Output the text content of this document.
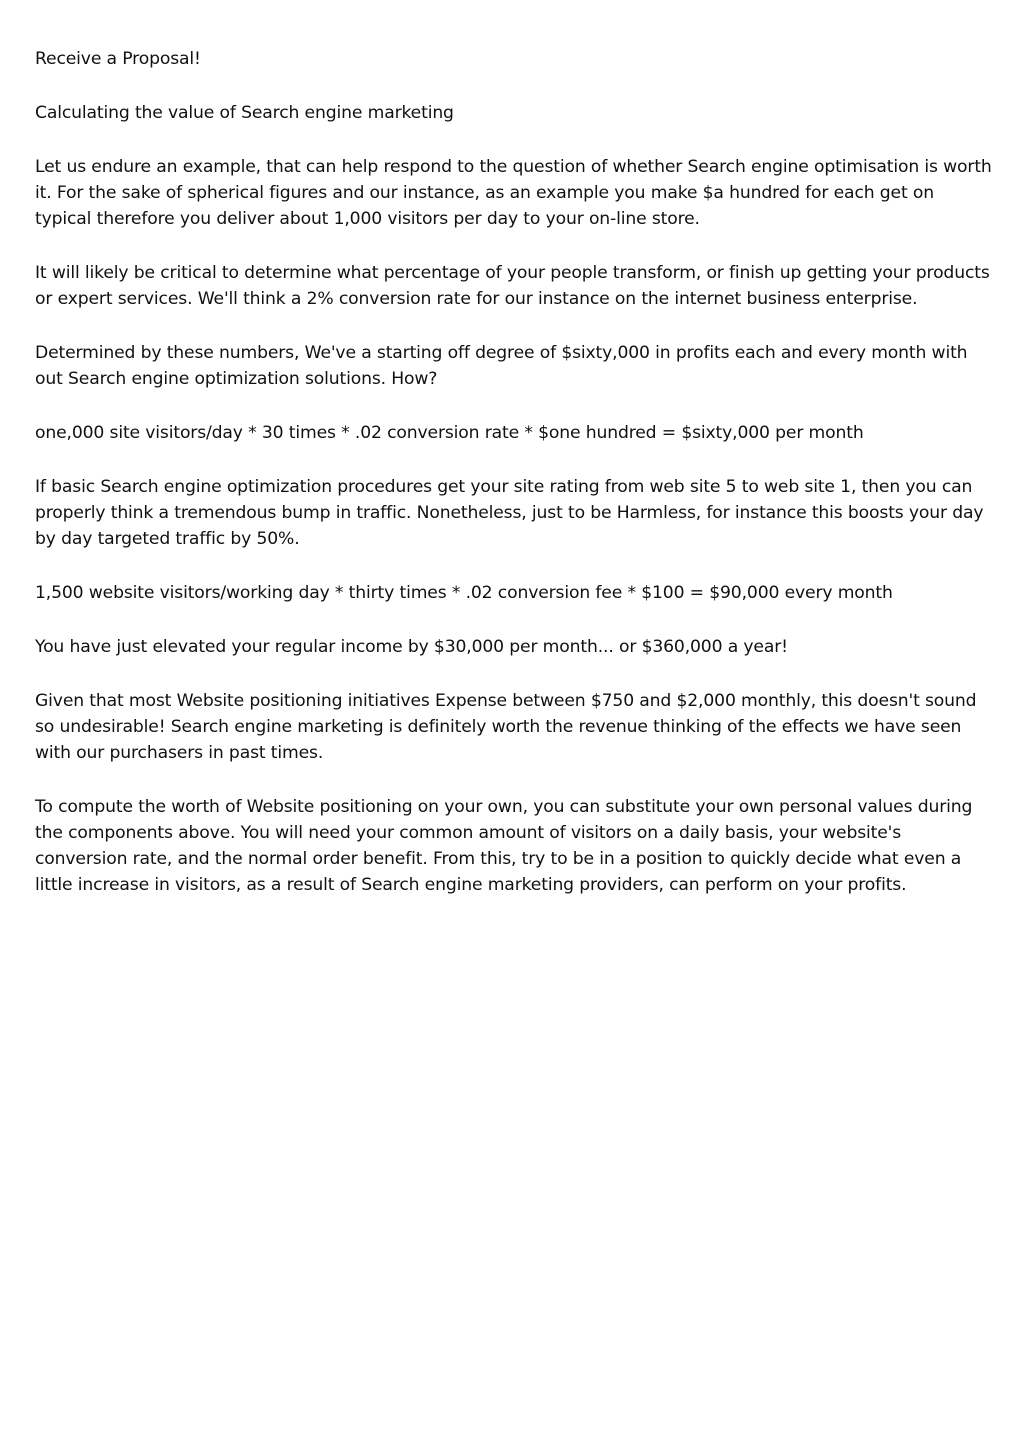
Receive a Proposal!

Calculating the value of Search engine marketing

Let us endure an example, that can help respond to the question of whether Search engine optimisation is worth it. For the sake of spherical figures and our instance, as an example you make $a hundred for each get on typical therefore you deliver about 1,000 visitors per day to your on-line store.

It will likely be critical to determine what percentage of your people transform, or finish up getting your products or expert services. We'll think a 2% conversion rate for our instance on the internet business enterprise.

Determined by these numbers, We've a starting off degree of $sixty,000 in profits each and every month with out Search engine optimization solutions. How?

one,000 site visitors/day * 30 times * .02 conversion rate * $one hundred = $sixty,000 per month

If basic Search engine optimization procedures get your site rating from web site 5 to web site 1, then you can properly think a tremendous bump in traffic. Nonetheless, just to be Harmless, for instance this boosts your day by day targeted traffic by 50%.

1,500 website visitors/working day * thirty times * .02 conversion fee * $100 = $90,000 every month

You have just elevated your regular income by $30,000 per month... or $360,000 a year!

Given that most Website positioning initiatives Expense between $750 and $2,000 monthly, this doesn't sound so undesirable! Search engine marketing is definitely worth the revenue thinking of the effects we have seen with our purchasers in past times.

To compute the worth of Website positioning on your own, you can substitute your own personal values during the components above. You will need your common amount of visitors on a daily basis, your website's conversion rate, and the normal order benefit. From this, try to be in a position to quickly decide what even a little increase in visitors, as a result of Search engine marketing providers, can perform on your profits.
